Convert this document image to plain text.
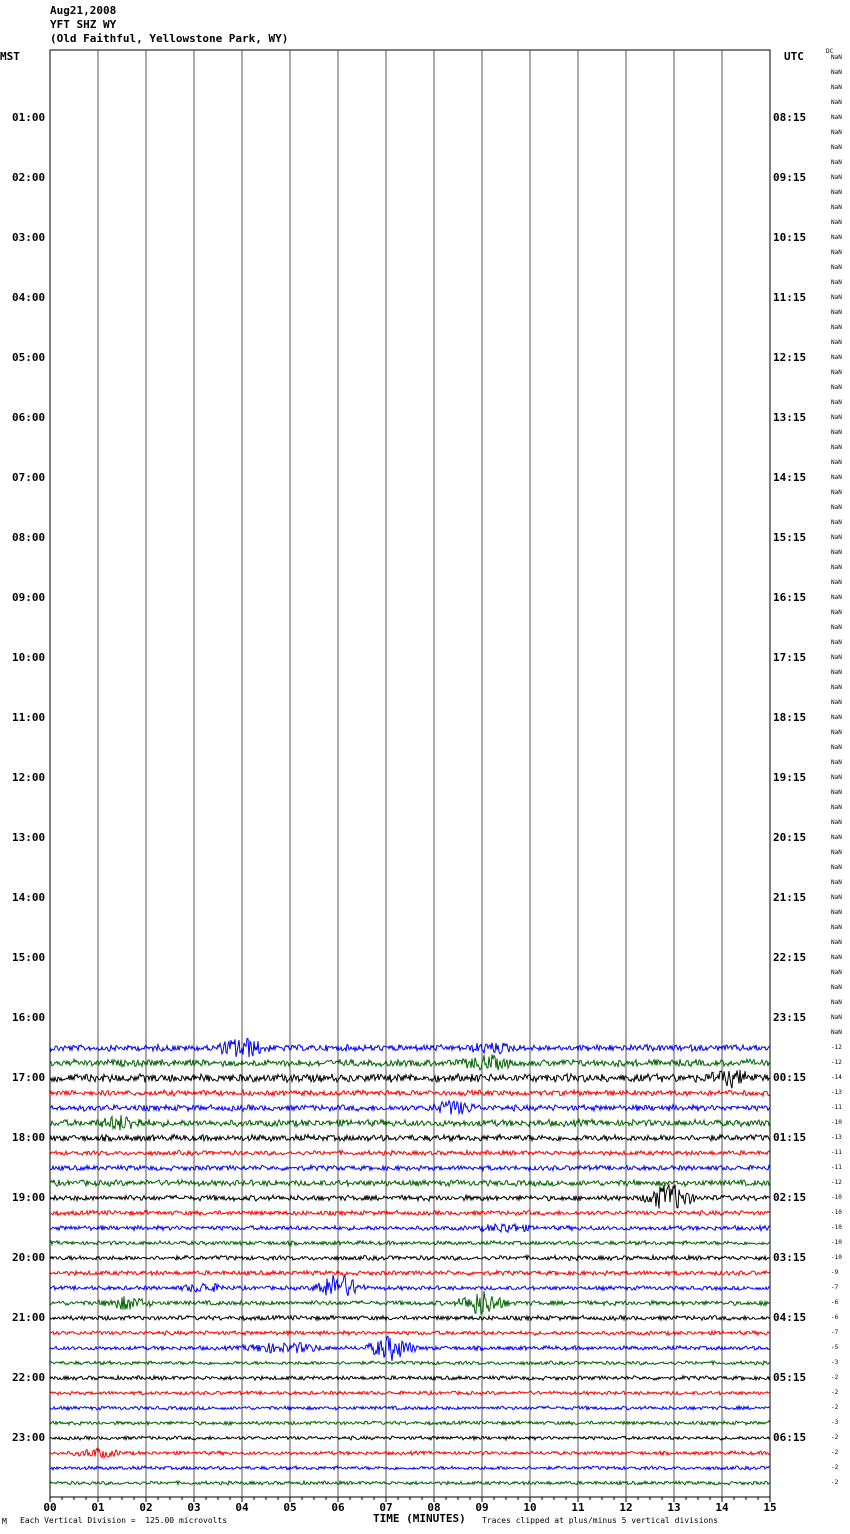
Aug21,2008
YFT SHZ WY
(Old Faithful, Yellowstone Park, WY)
MST	UTC	DC
00	01	02	03	04	05	06	07	08	09	10	11	12	13	14	15
01:00
02:00
03:00
04:00
05:00
06:00
07:00
08:00
09:00
10:00
11:00
12:00
13:00
14:00
15:00
16:00
17:00
18:00
19:00
20:00
21:00
22:00
23:00
08:15
09:15
10:15
11:15
12:15
13:15
14:15
15:15
16:15
17:15
18:15
19:15
20:15
21:15
22:15
23:15
00:15
01:15
02:15
03:15
04:15
05:15
06:15
NaN
NaN
NaN
NaN
NaN
NaN
NaN
NaN
NaN
NaN
NaN
NaN
NaN
NaN
NaN
NaN
NaN
NaN
NaN
NaN
NaN
NaN
NaN
NaN
NaN
NaN
NaN
NaN
NaN
NaN
NaN
NaN
NaN
NaN
NaN
NaN
NaN
NaN
NaN
NaN
NaN
NaN
NaN
NaN
NaN
NaN
NaN
NaN
NaN
NaN
NaN
NaN
NaN
NaN
NaN
NaN
NaN
NaN
NaN
NaN
NaN
NaN
NaN
NaN
NaN
NaN
-12
-12
-14
-13
-11
-10
-13
-11
-11
-12
-10
-10
-10
-10
-10
-9
-7
-6
-6
-7
-5
-3
-2
-2
-2
-3
-2
-2
-2
-2
M Each Vertical Division =  125.00 microvolts	TIME (MINUTES) Traces clipped at plus/minus 5 vertical divisions
